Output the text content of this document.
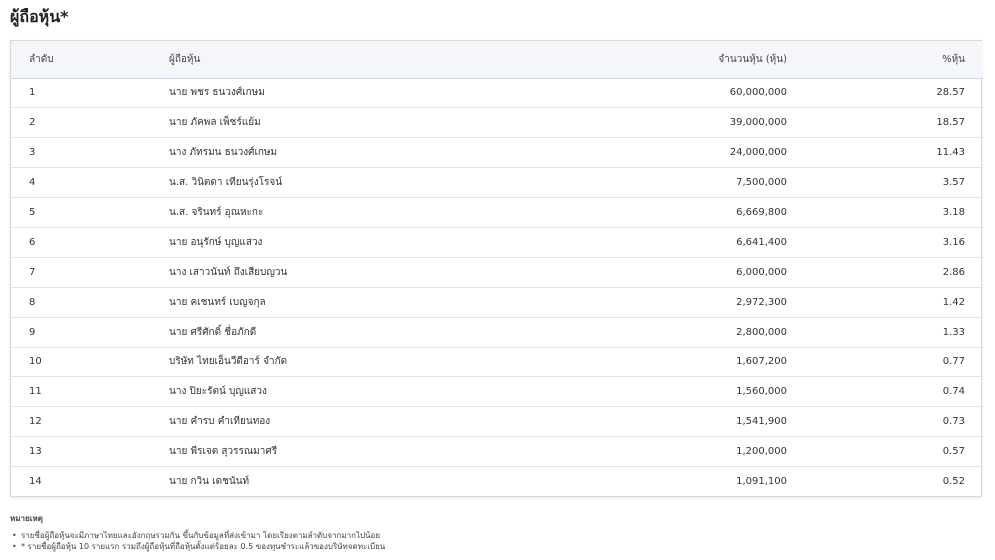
ผู้ถือหุ้น*
ลำดับ	ผู้ถือหุ้น	จำนวนหุ้น (หุ้น)	%หุ้น
1	นาย พชร ธนวงศ์เกษม	60,000,000	28.57
2	นาย ภัคพล เพ็ชร์แย้ม	39,000,000	18.57
3	นาง ภัทรมน ธนวงศ์เกษม	24,000,000	11.43
4	น.ส. วินิตดา เทียนรุ่งโรจน์	7,500,000	3.57
5	น.ส. จรินทร์ อุณหะกะ	6,669,800	3.18
6	นาย อนุรักษ์ บุญแสวง	6,641,400	3.16
7	นาง เสาวนันท์ ถึงเสียบญวน	6,000,000	2.86
8	นาย คเชนทร์ เบญจกุล	2,972,300	1.42
9	นาย ศรีศักดิ์ ชื่อภักดี	2,800,000	1.33
10	บริษัท ไทยเอ็นวีดีอาร์ จำกัด	1,607,200	0.77
11	นาง ปิยะรัตน์ บุญแสวง	1,560,000	0.74
12	นาย คำรบ คำเทียนทอง	1,541,900	0.73
13	นาย พีรเจต สุวรรณมาศรี	1,200,000	0.57
14	นาย กวิน เดชนันท์	1,091,100	0.52
หมายเหตุ
• รายชื่อผู้ถือหุ้นจะมีภาษาไทยและอังกฤษรวมกัน ขึ้นกับข้อมูลที่ส่งเข้ามา โดยเรียงตามลำดับจากมากไปน้อย
• * รายชื่อผู้ถือหุ้น 10 รายแรก รวมถึงผู้ถือหุ้นที่ถือหุ้นตั้งแต่ร้อยละ 0.5 ของทุนชำระแล้วของบริษัทจดทะเบียน
